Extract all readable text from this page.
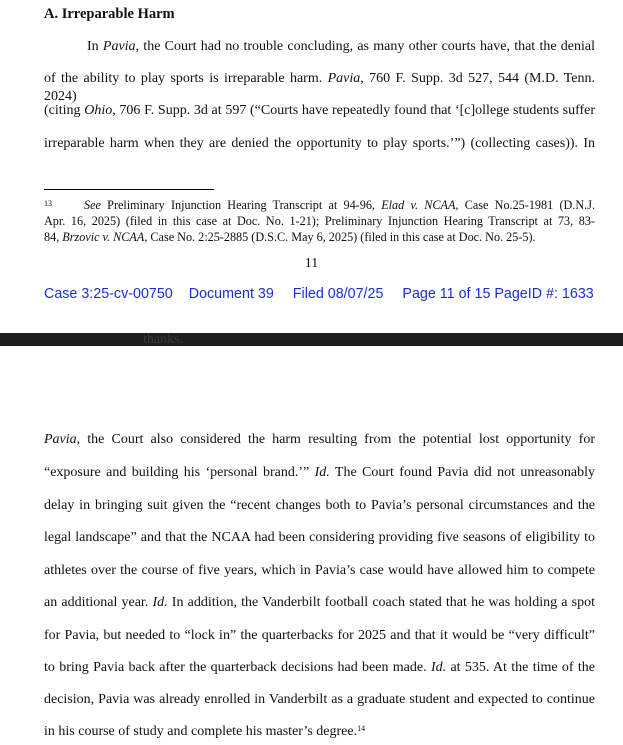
A. Irreparable Harm
In Pavia, the Court had no trouble concluding, as many other courts have, that the denial
of the ability to play sports is irreparable harm. Pavia, 760 F. Supp. 3d 527, 544 (M.D. Tenn. 2024)
(citing Ohio, 706 F. Supp. 3d at 597 (“Courts have repeatedly found that ‘[c]ollege students suffer
irreparable harm when they are denied the opportunity to play sports.’”) (collecting cases)). In
$^{13}$	See Preliminary Injunction Hearing Transcript at 94-96, Elad v. NCAA, Case No.25-1981 (D.N.J.
Apr. 16, 2025) (filed in this case at Doc. No. 1-21); Preliminary Injunction Hearing Transcript at 73, 83-
84, Brzovic v. NCAA, Case No. 2:25-2885 (D.S.C. May 6, 2025) (filed in this case at Doc. No. 25-5).
11
Case 3:25-cv-00750 Document 39 Filed 08/07/25 Page 11 of 15 PageID #: 1633
thanks.
Pavia, the Court also considered the harm resulting from the potential lost opportunity for
“exposure and building his ‘personal brand.’” Id. The Court found Pavia did not unreasonably
delay in bringing suit given the “recent changes both to Pavia’s personal circumstances and the
legal landscape” and that the NCAA had been considering providing five seasons of eligibility to
athletes over the course of five years, which in Pavia’s case would have allowed him to compete
an additional year. Id. In addition, the Vanderbilt football coach stated that he was holding a spot
for Pavia, but needed to “lock in” the quarterbacks for 2025 and that it would be “very difficult”
to bring Pavia back after the quarterback decisions had been made. Id. at 535. At the time of the
decision, Pavia was already enrolled in Vanderbilt as a graduate student and expected to continue
in his course of study and complete his master’s degree.$^{14}$
